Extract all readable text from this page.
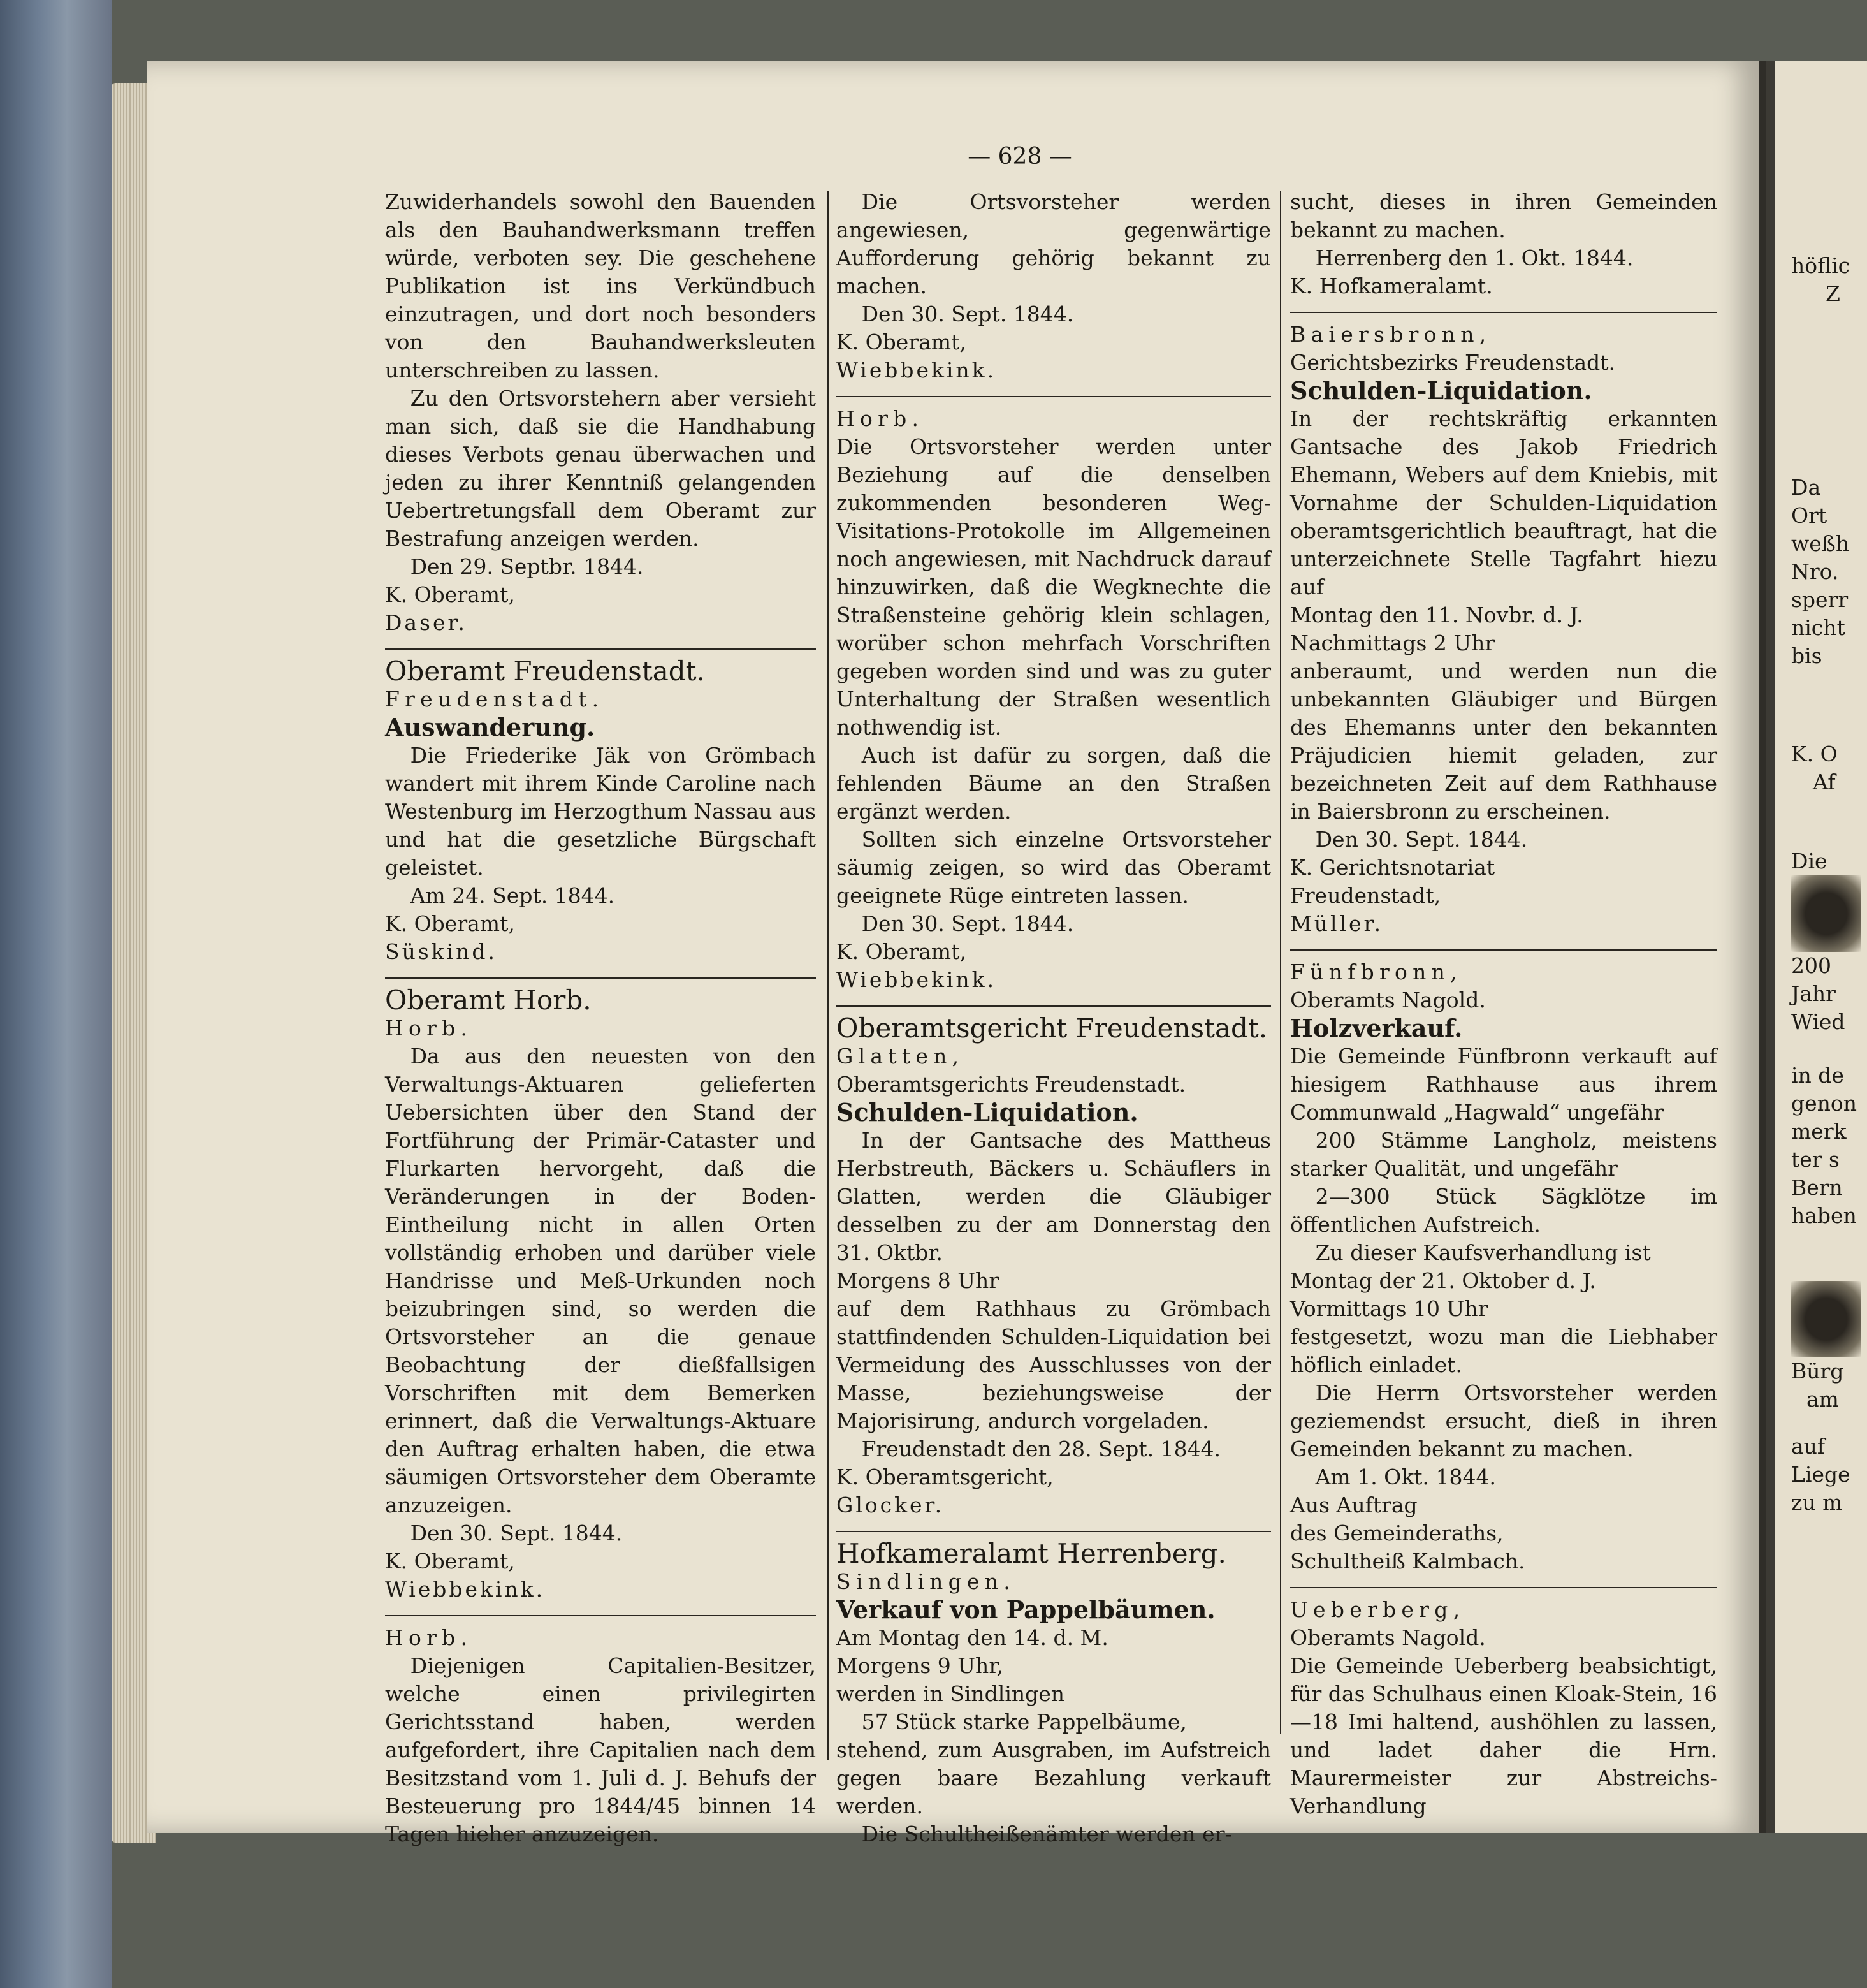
höflic
Z
Da
Ort
weßh
Nro.
sperr
nicht
bis
K. O
Af
Die
200
Jahr
Wied
in de
genon
merk
ter s
Bern
haben
Bürg
am
auf
Liege
zu m
— 628 —

Zuwiderhandels sowohl den Bauenden als den Bauhandwerksmann treffen würde, verboten sey. Die geschehene Publikation ist ins Verkündbuch einzutragen, und dort noch besonders von den Bauhandwerksleuten unterschreiben zu lassen.

Zu den Ortsvorstehern aber versieht man sich, daß sie die Handhabung dieses Verbots genau überwachen und jeden zu ihrer Kenntniß gelangenden Uebertretungsfall dem Oberamt zur Bestrafung anzeigen werden.

Den 29. Septbr. 1844.

K. Oberamt,

Daser.

Oberamt Freudenstadt.

Freudenstadt.

Auswanderung.

Die Friederike Jäk von Grömbach wandert mit ihrem Kinde Caroline nach Westenburg im Herzogthum Nassau aus und hat die gesetzliche Bürgschaft geleistet.

Am 24. Sept. 1844.

K. Oberamt,

Süskind.

Oberamt Horb.

Horb.

Da aus den neuesten von den Verwaltungs-Aktuaren gelieferten Uebersichten über den Stand der Fortführung der Primär-Cataster und Flurkarten hervorgeht, daß die Veränderungen in der Boden-Eintheilung nicht in allen Orten vollständig erhoben und darüber viele Handrisse und Meß-Urkunden noch beizubringen sind, so werden die Ortsvorsteher an die genaue Beobachtung der dießfallsigen Vorschriften mit dem Bemerken erinnert, daß die Verwaltungs-Aktuare den Auftrag erhalten haben, die etwa säumigen Ortsvorsteher dem Oberamte anzuzeigen.

Den 30. Sept. 1844.

K. Oberamt,

Wiebbekink.

Horb.

Diejenigen Capitalien-Besitzer, welche einen privilegirten Gerichtsstand haben, werden aufgefordert, ihre Capitalien nach dem Besitzstand vom 1. Juli d. J. Behufs der Besteuerung pro 1844/45 binnen 14 Tagen hieher anzuzeigen.

Die Ortsvorsteher werden angewiesen, gegenwärtige Aufforderung gehörig bekannt zu machen.

Den 30. Sept. 1844.

K. Oberamt,

Wiebbekink.

Horb.

Die Ortsvorsteher werden unter Beziehung auf die denselben zukommenden besonderen Weg-Visitations-Protokolle im Allgemeinen noch angewiesen, mit Nachdruck darauf hinzuwirken, daß die Wegknechte die Straßensteine gehörig klein schlagen, worüber schon mehrfach Vorschriften gegeben worden sind und was zu guter Unterhaltung der Straßen wesentlich nothwendig ist.

Auch ist dafür zu sorgen, daß die fehlenden Bäume an den Straßen ergänzt werden.

Sollten sich einzelne Ortsvorsteher säumig zeigen, so wird das Oberamt geeignete Rüge eintreten lassen.

Den 30. Sept. 1844.

K. Oberamt,

Wiebbekink.

Oberamtsgericht Freudenstadt.

Glatten,

Oberamtsgerichts Freudenstadt.

Schulden-Liquidation.

In der Gantsache des Mattheus Herbstreuth, Bäckers u. Schäuflers in Glatten, werden die Gläubiger desselben zu der am Donnerstag den 31. Oktbr.

Morgens 8 Uhr

auf dem Rathhaus zu Grömbach stattfindenden Schulden-Liquidation bei Vermeidung des Ausschlusses von der Masse, beziehungsweise der Majorisirung, andurch vorgeladen.

Freudenstadt den 28. Sept. 1844.

K. Oberamtsgericht,

Glocker.

Hofkameralamt Herrenberg.

Sindlingen.

Verkauf von Pappelbäumen.

Am Montag den 14. d. M.

Morgens 9 Uhr,

werden in Sindlingen

57 Stück starke Pappelbäume,

stehend, zum Ausgraben, im Aufstreich gegen baare Bezahlung verkauft werden.

Die Schultheißenämter werden er-

sucht, dieses in ihren Gemeinden bekannt zu machen.

Herrenberg den 1. Okt. 1844.

K. Hofkameralamt.

Baiersbronn,

Gerichtsbezirks Freudenstadt.

Schulden-Liquidation.

In der rechtskräftig erkannten Gantsache des Jakob Friedrich Ehemann, Webers auf dem Kniebis, mit Vornahme der Schulden-Liquidation oberamtsgerichtlich beauftragt, hat die unterzeichnete Stelle Tagfahrt hiezu auf

Montag den 11. Novbr. d. J.

Nachmittags 2 Uhr

anberaumt, und werden nun die unbekannten Gläubiger und Bürgen des Ehemanns unter den bekannten Präjudicien hiemit geladen, zur bezeichneten Zeit auf dem Rathhause in Baiersbronn zu erscheinen.

Den 30. Sept. 1844.

K. Gerichtsnotariat

Freudenstadt,

Müller.

Fünfbronn,

Oberamts Nagold.

Holzverkauf.

Die Gemeinde Fünfbronn verkauft auf hiesigem Rathhause aus ihrem Communwald „Hagwald“ ungefähr

200 Stämme Langholz, meistens starker Qualität, und ungefähr

2—300 Stück Sägklötze im öffentlichen Aufstreich.

Zu dieser Kaufsverhandlung ist

Montag der 21. Oktober d. J.

Vormittags 10 Uhr

festgesetzt, wozu man die Liebhaber höflich einladet.

Die Herrn Ortsvorsteher werden geziemendst ersucht, dieß in ihren Gemeinden bekannt zu machen.

Am 1. Okt. 1844.

Aus Auftrag

des Gemeinderaths,

Schultheiß Kalmbach.

Ueberberg,

Oberamts Nagold.

Die Gemeinde Ueberberg beabsichtigt, für das Schulhaus einen Kloak-Stein, 16—18 Imi haltend, aushöhlen zu lassen, und ladet daher die Hrn. Maurermeister zur Abstreichs-Verhandlung
